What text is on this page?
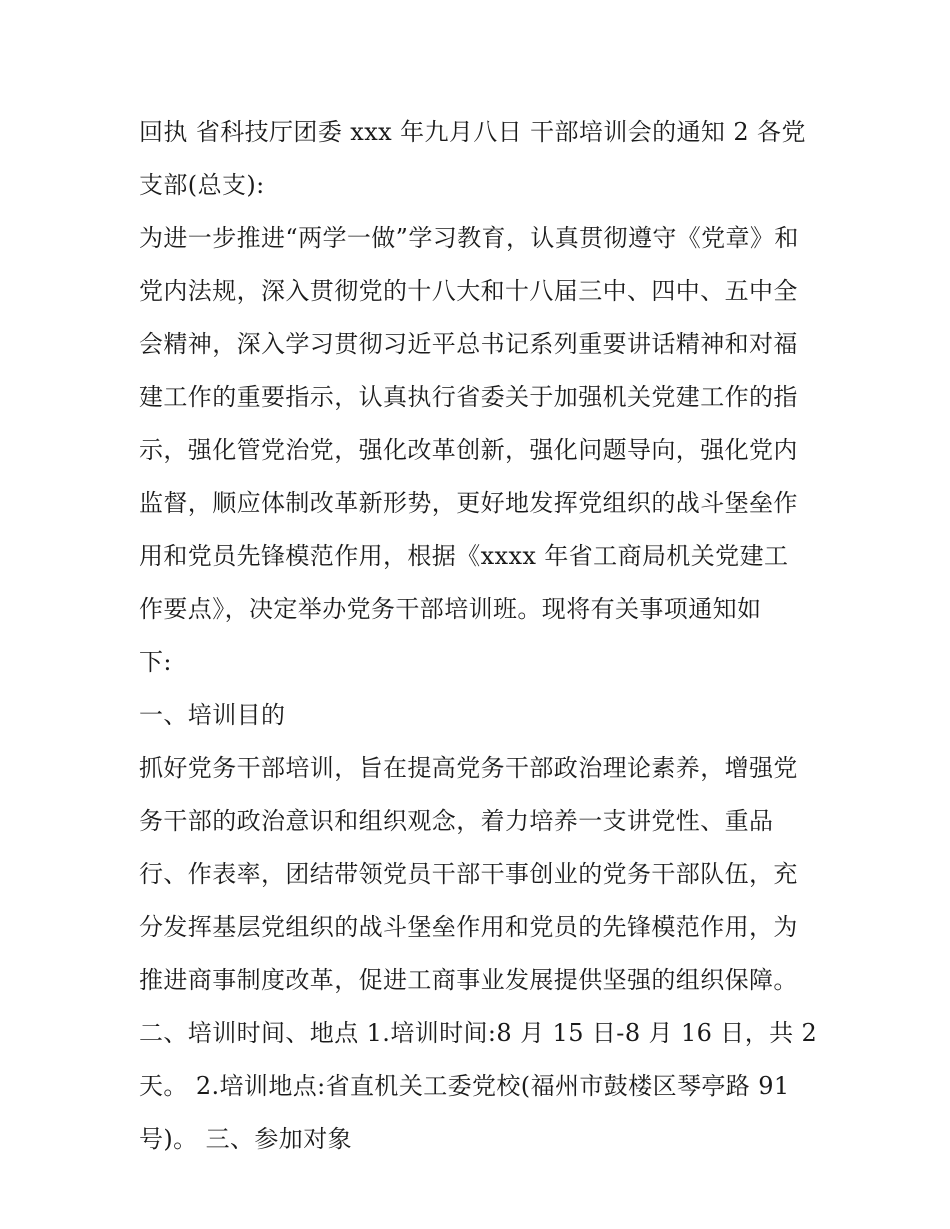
回执 省科技厅团委 xxx 年九月八日 干部培训会的通知 2 各党
支部(总支):
为进一步推进“两学一做”学习教育，认真贯彻遵守《党章》和
党内法规，深入贯彻党的十八大和十八届三中、四中、五中全
会精神，深入学习贯彻习近平总书记系列重要讲话精神和对福
建工作的重要指示，认真执行省委关于加强机关党建工作的指
示，强化管党治党，强化改革创新，强化问题导向，强化党内
监督，顺应体制改革新形势，更好地发挥党组织的战斗堡垒作
用和党员先锋模范作用，根据《xxxx 年省工商局机关党建工
作要点》，决定举办党务干部培训班。现将有关事项通知如
下:
一、培训目的
抓好党务干部培训，旨在提高党务干部政治理论素养，增强党
务干部的政治意识和组织观念，着力培养一支讲党性、重品
行、作表率，团结带领党员干部干事创业的党务干部队伍，充
分发挥基层党组织的战斗堡垒作用和党员的先锋模范作用，为
推进商事制度改革，促进工商事业发展提供坚强的组织保障。
二、培训时间、地点 1.培训时间:8 月 15 日-8 月 16 日，共 2
天。 2.培训地点:省直机关工委党校(福州市鼓楼区琴亭路 91
号)。 三、参加对象
